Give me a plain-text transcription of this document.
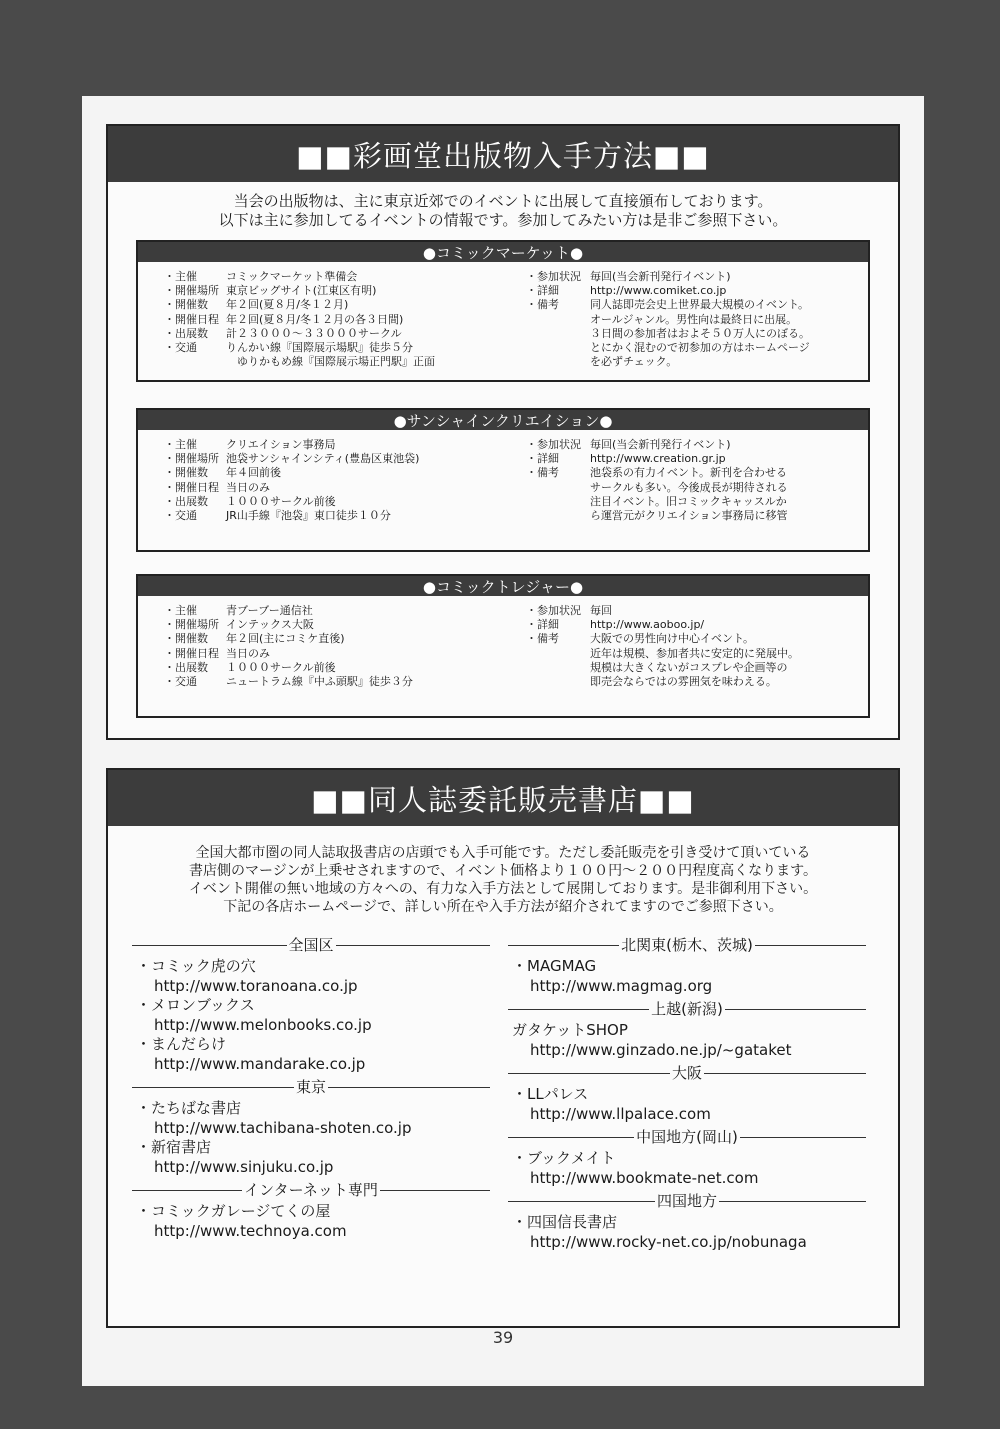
■■彩画堂出版物入手方法■■
当会の出版物は、主に東京近郊でのイベントに出展して直接頒布しております。
以下は主に参加してるイベントの情報です。参加してみたい方は是非ご参照下さい。
●コミックマーケット●
・主催	コミックマーケット準備会
・開催場所 東京ビッグサイト(江東区有明)
・開催数	年２回(夏８月/冬１２月)
・開催日程 年２回(夏８月/冬１２月の各３日間)
・出展数	計２３０００～３３０００サークル
・交通	りんかい線『国際展示場駅』徒歩５分
　ゆりかもめ線『国際展示場正門駅』正面
・参加状況 毎回(当会新刊発行イベント)
・詳細	http://www.comiket.co.jp
・備考	同人誌即売会史上世界最大規模のイベント。
オールジャンル。男性向は最終日に出展。
３日間の参加者はおよそ５０万人にのぼる。
とにかく混むので初参加の方はホームページ
を必ずチェック。
●サンシャインクリエイション●
・主催	クリエイション事務局
・開催場所 池袋サンシャインシティ(豊島区東池袋)
・開催数	年４回前後
・開催日程 当日のみ
・出展数	１０００サークル前後
・交通	JR山手線『池袋』東口徒歩１０分
・参加状況 毎回(当会新刊発行イベント)
・詳細	http://www.creation.gr.jp
・備考	池袋系の有力イベント。新刊を合わせる
サークルも多い。今後成長が期待される
注目イベント。旧コミックキャッスルか
ら運営元がクリエイション事務局に移管
●コミックトレジャー●
・主催	青ブーブー通信社
・開催場所 インテックス大阪
・開催数	年２回(主にコミケ直後)
・開催日程 当日のみ
・出展数	１０００サークル前後
・交通	ニュートラム線『中ふ頭駅』徒歩３分
・参加状況 毎回
・詳細	http://www.aoboo.jp/
・備考	大阪での男性向け中心イベント。
近年は規模、参加者共に安定的に発展中。
規模は大きくないがコスプレや企画等の
即売会ならではの雰囲気を味わえる。
■■同人誌委託販売書店■■
全国大都市圏の同人誌取扱書店の店頭でも入手可能です。ただし委託販売を引き受けて頂いている
書店側のマージンが上乗せされますので、イベント価格より１００円～２００円程度高くなります。
イベント開催の無い地域の方々への、有力な入手方法として展開しております。是非御利用下さい。
下記の各店ホームページで、詳しい所在や入手方法が紹介されてますのでご参照下さい。
全国区
・コミック虎の穴
http://www.toranoana.co.jp
・メロンブックス
http://www.melonbooks.co.jp
・まんだらけ
http://www.mandarake.co.jp
東京
・たちばな書店
http://www.tachibana-shoten.co.jp
・新宿書店
http://www.sinjuku.co.jp
インターネット専門
・コミックガレージてくの屋
http://www.technoya.com
北関東(栃木、茨城)
・MAGMAG
http://www.magmag.org
上越(新潟)
ガタケットSHOP
http://www.ginzado.ne.jp/~gataket
大阪
・LLパレス
http://www.llpalace.com
中国地方(岡山)
・ブックメイト
http://www.bookmate-net.com
四国地方
・四国信長書店
http://www.rocky-net.co.jp/nobunaga
39
